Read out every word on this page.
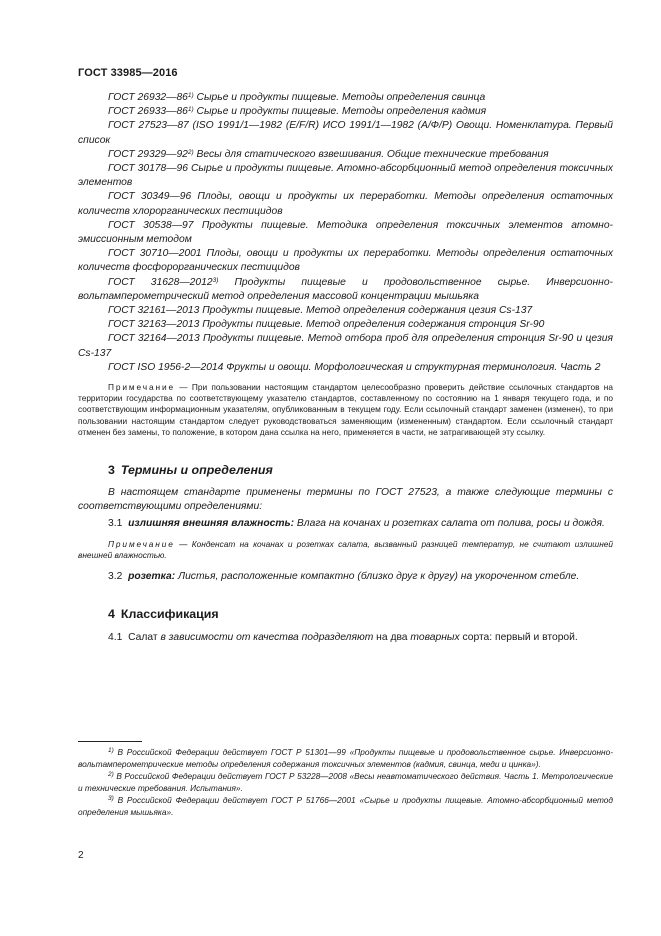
ГОСТ 33985—2016

ГОСТ 26932—86$^{1)}$ Сырье и продукты пищевые. Методы определения свинца

ГОСТ 26933—86$^{1)}$ Сырье и продукты пищевые. Методы определения кадмия

ГОСТ 27523—87 (ISO 1991/1—1982 (E/F/R) ИСО 1991/1—1982 (А/Ф/Р) Овощи. Номенклатура. Первый список

ГОСТ 29329—92$^{2)}$ Весы для статического взвешивания. Общие технические требования

ГОСТ 30178—96 Сырье и продукты пищевые. Атомно-абсорбционный метод определения токсичных элементов

ГОСТ 30349—96 Плоды, овощи и продукты их переработки. Методы определения остаточных количеств хлорорганических пестицидов

ГОСТ 30538—97 Продукты пищевые. Методика определения токсичных элементов атомно-эмиссионным методом

ГОСТ 30710—2001 Плоды, овощи и продукты их переработки. Методы определения остаточных количеств фосфорорганических пестицидов

ГОСТ 31628—2012$^{3)}$ Продукты пищевые и продовольственное сырье. Инверсионно-вольтамперометрический метод определения массовой концентрации мышьяка

ГОСТ 32161—2013 Продукты пищевые. Метод определения содержания цезия Cs-137

ГОСТ 32163—2013 Продукты пищевые. Метод определения содержания стронция Sr-90

ГОСТ 32164—2013 Продукты пищевые. Метод отбора проб для определения стронция Sr-90 и цезия Cs-137

ГОСТ ISO 1956-2—2014 Фрукты и овощи. Морфологическая и структурная терминология. Часть 2

Примечание — При пользовании настоящим стандартом целесообразно проверить действие ссылочных стандартов на территории государства по соответствующему указателю стандартов, составленному по состоянию на 1 января текущего года, и по соответствующим информационным указателям, опубликованным в текущем году. Если ссылочный стандарт заменен (изменен), то при пользовании настоящим стандартом следует руководствоваться заменяющим (измененным) стандартом. Если ссылочный стандарт отменен без замены, то положение, в котором дана ссылка на него, применяется в части, не затрагивающей эту ссылку.

3 Термины и определения

В настоящем стандарте применены термины по ГОСТ 27523, а также следующие термины с соответствующими определениями:

3.1 излишняя внешняя влажность: Влага на кочанах и розетках салата от полива, росы и дождя.

Примечание — Конденсат на кочанах и розетках салата, вызванный разницей температур, не считают излишней внешней влажностью.

3.2 розетка: Листья, расположенные компактно (близко друг к другу) на укороченном стебле.

4 Классификация

4.1 Салат в зависимости от качества подразделяют на два товарных сорта: первый и второй.

$^{1)}$ В Российской Федерации действует ГОСТ Р 51301—99 «Продукты пищевые и продовольственное сырье. Инверсионно-вольтамперометрические методы определения содержания токсичных элементов (кадмия, свинца, меди и цинка»).

$^{2)}$ В Российской Федерации действует ГОСТ Р 53228—2008 «Весы неавтоматического действия. Часть 1. Метрологические и технические требования. Испытания».

$^{3)}$ В Российской Федерации действует ГОСТ Р 51766—2001 «Сырье и продукты пищевые. Атомно-абсорбционный метод определения мышьяка».

2
